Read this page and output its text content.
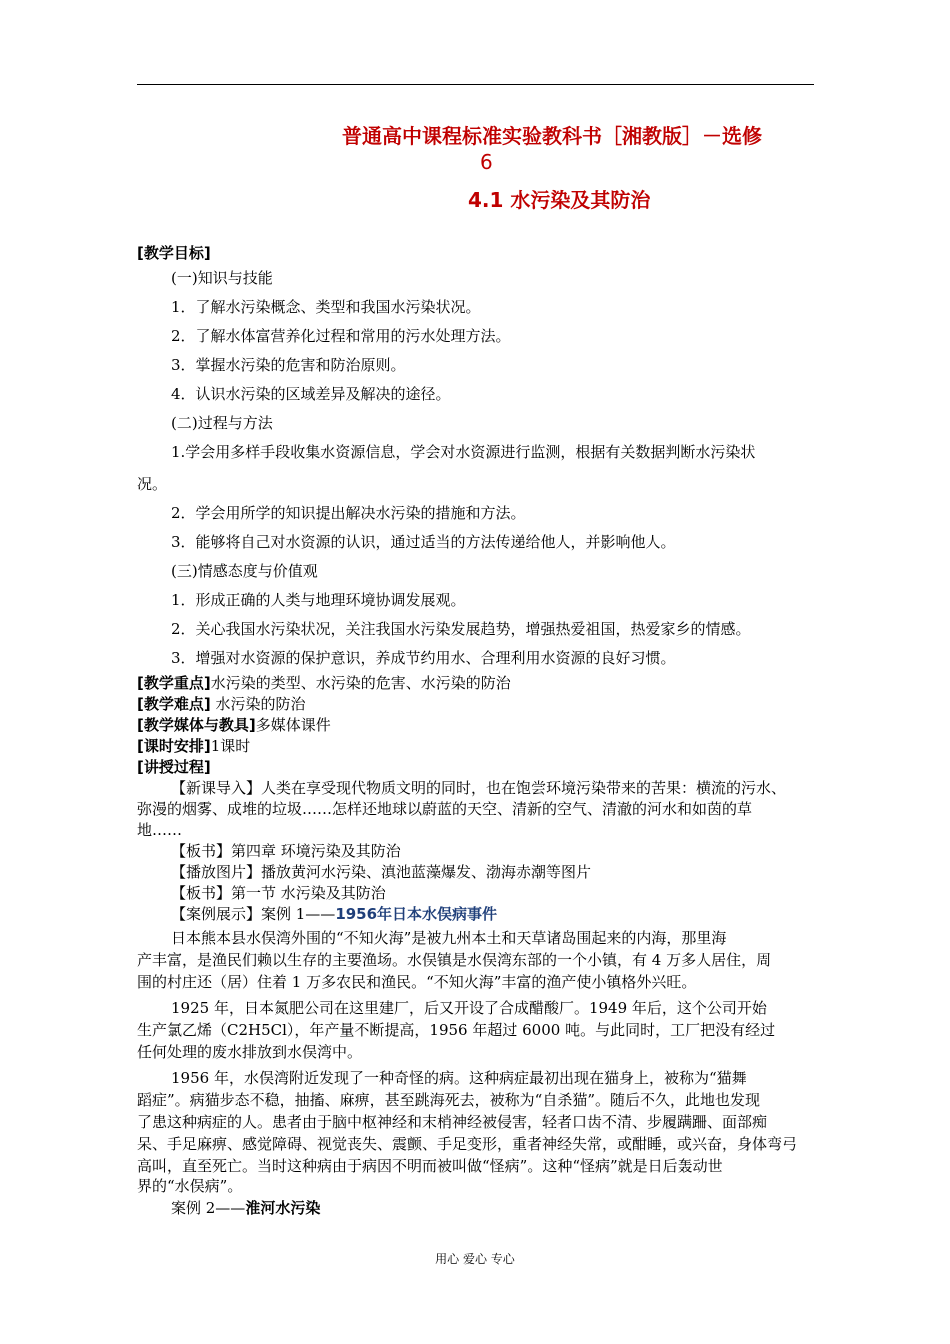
普通高中课程标准实验教科书［湘教版］－选修
6
4.1 水污染及其防治
[教学目标]
(一)知识与技能
1．了解水污染概念、类型和我国水污染状况。
2．了解水体富营养化过程和常用的污水处理方法。
3．掌握水污染的危害和防治原则。
4．认识水污染的区域差异及解决的途径。
(二)过程与方法
1.学会用多样手段收集水资源信息，学会对水资源进行监测，根据有关数据判断水污染状
况。
2．学会用所学的知识提出解决水污染的措施和方法。
3．能够将自己对水资源的认识，通过适当的方法传递给他人，并影响他人。
(三)情感态度与价值观
1．形成正确的人类与地理环境协调发展观。
2．关心我国水污染状况，关注我国水污染发展趋势，增强热爱祖国，热爱家乡的情感。
3．增强对水资源的保护意识，养成节约用水、合理利用水资源的良好习惯。
[教学重点]水污染的类型、水污染的危害、水污染的防治
[教学难点] 水污染的防治
[教学媒体与教具]多媒体课件
[课时安排]1课时
[讲授过程]
【新课导入】人类在享受现代物质文明的同时，也在饱尝环境污染带来的苦果：横流的污水、
弥漫的烟雾、成堆的垃圾……怎样还地球以蔚蓝的天空、清新的空气、清澈的河水和如茵的草
地……
【板书】第四章 环境污染及其防治
【播放图片】播放黄河水污染、滇池蓝藻爆发、渤海赤潮等图片
【板书】第一节 水污染及其防治
【案例展示】案例 1——1956年日本水俣病事件
日本熊本县水俣湾外围的“不知火海”是被九州本土和天草诸岛围起来的内海，那里海
产丰富，是渔民们赖以生存的主要渔场。水俣镇是水俣湾东部的一个小镇，有 4 万多人居住，周
围的村庄还（居）住着 1 万多农民和渔民。“不知火海”丰富的渔产使小镇格外兴旺。
1925 年，日本氮肥公司在这里建厂，后又开设了合成醋酸厂。1949 年后，这个公司开始
生产氯乙烯（C2H5Cl），年产量不断提高，1956 年超过 6000 吨。与此同时，工厂把没有经过
任何处理的废水排放到水俣湾中。
1956 年，水俣湾附近发现了一种奇怪的病。这种病症最初出现在猫身上，被称为“猫舞
蹈症”。病猫步态不稳，抽搐、麻痹，甚至跳海死去，被称为“自杀猫”。随后不久，此地也发现
了患这种病症的人。患者由于脑中枢神经和末梢神经被侵害，轻者口齿不清、步履蹒跚、面部痴
呆、手足麻痹、感觉障碍、视觉丧失、震颤、手足变形，重者神经失常，或酣睡，或兴奋，身体弯弓
高叫，直至死亡。当时这种病由于病因不明而被叫做“怪病”。这种“怪病”就是日后轰动世
界的“水俣病”。
案例 2——淮河水污染
用心 爱心 专心
